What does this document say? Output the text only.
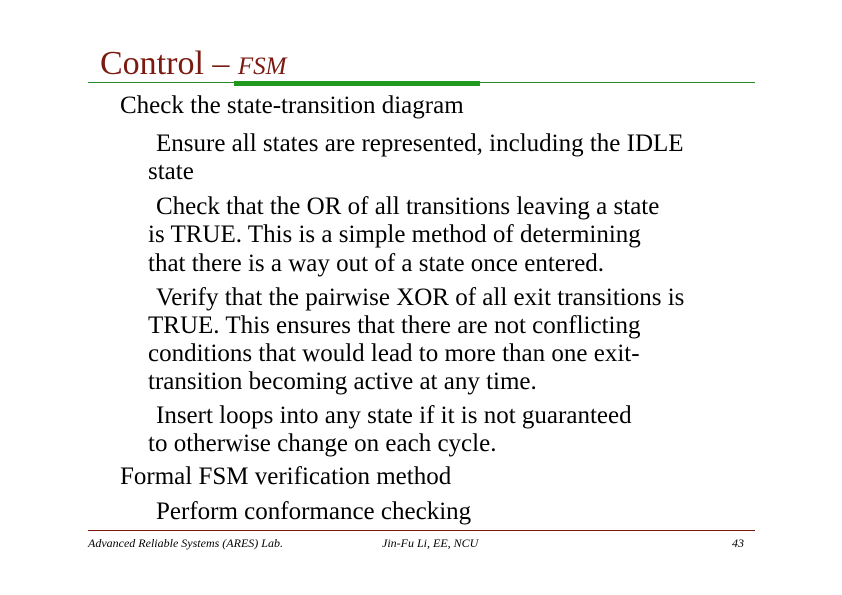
Control – FSM
Check the state-transition diagram
Ensure all states are represented, including the IDLE
state
Check that the OR of all transitions leaving a state
is TRUE. This is a simple method of determining
that there is a way out of a state once entered.
Verify that the pairwise XOR of all exit transitions is
TRUE. This ensures that there are not conflicting
conditions that would lead to more than one exit-
transition becoming active at any time.
Insert loops into any state if it is not guaranteed
to otherwise change on each cycle.
Formal FSM verification method
Perform conformance checking
Advanced Reliable Systems (ARES) Lab.	Jin-Fu Li, EE, NCU	43
